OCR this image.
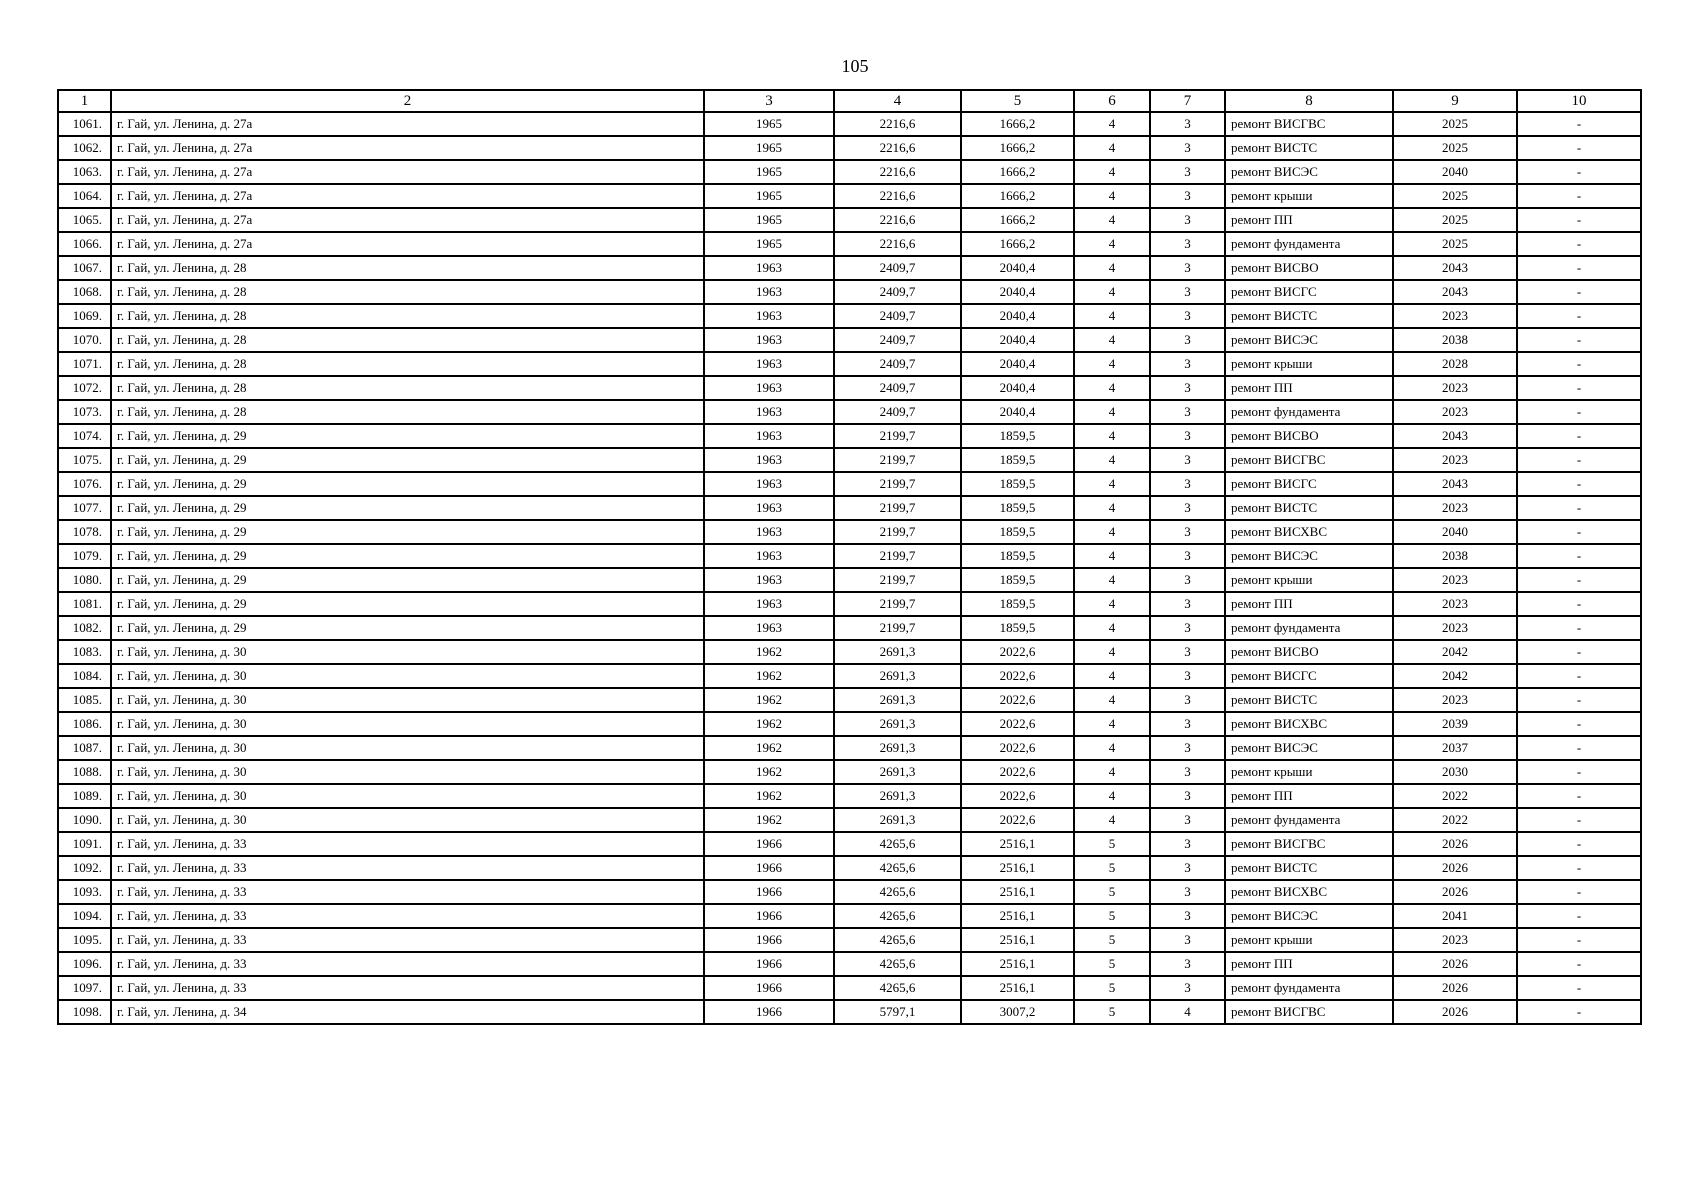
105
1	2	3	4	5	6	7	8	9	10
1061.	г. Гай, ул. Ленина, д. 27а	1965	2216,6	1666,2	4	3	ремонт ВИСГВС	2025	-
1062.	г. Гай, ул. Ленина, д. 27а	1965	2216,6	1666,2	4	3	ремонт ВИСТС	2025	-
1063.	г. Гай, ул. Ленина, д. 27а	1965	2216,6	1666,2	4	3	ремонт ВИСЭС	2040	-
1064.	г. Гай, ул. Ленина, д. 27а	1965	2216,6	1666,2	4	3	ремонт крыши	2025	-
1065.	г. Гай, ул. Ленина, д. 27а	1965	2216,6	1666,2	4	3	ремонт ПП	2025	-
1066.	г. Гай, ул. Ленина, д. 27а	1965	2216,6	1666,2	4	3	ремонт фундамента	2025	-
1067.	г. Гай, ул. Ленина, д. 28	1963	2409,7	2040,4	4	3	ремонт ВИСВО	2043	-
1068.	г. Гай, ул. Ленина, д. 28	1963	2409,7	2040,4	4	3	ремонт ВИСГС	2043	-
1069.	г. Гай, ул. Ленина, д. 28	1963	2409,7	2040,4	4	3	ремонт ВИСТС	2023	-
1070.	г. Гай, ул. Ленина, д. 28	1963	2409,7	2040,4	4	3	ремонт ВИСЭС	2038	-
1071.	г. Гай, ул. Ленина, д. 28	1963	2409,7	2040,4	4	3	ремонт крыши	2028	-
1072.	г. Гай, ул. Ленина, д. 28	1963	2409,7	2040,4	4	3	ремонт ПП	2023	-
1073.	г. Гай, ул. Ленина, д. 28	1963	2409,7	2040,4	4	3	ремонт фундамента	2023	-
1074.	г. Гай, ул. Ленина, д. 29	1963	2199,7	1859,5	4	3	ремонт ВИСВО	2043	-
1075.	г. Гай, ул. Ленина, д. 29	1963	2199,7	1859,5	4	3	ремонт ВИСГВС	2023	-
1076.	г. Гай, ул. Ленина, д. 29	1963	2199,7	1859,5	4	3	ремонт ВИСГС	2043	-
1077.	г. Гай, ул. Ленина, д. 29	1963	2199,7	1859,5	4	3	ремонт ВИСТС	2023	-
1078.	г. Гай, ул. Ленина, д. 29	1963	2199,7	1859,5	4	3	ремонт ВИСХВС	2040	-
1079.	г. Гай, ул. Ленина, д. 29	1963	2199,7	1859,5	4	3	ремонт ВИСЭС	2038	-
1080.	г. Гай, ул. Ленина, д. 29	1963	2199,7	1859,5	4	3	ремонт крыши	2023	-
1081.	г. Гай, ул. Ленина, д. 29	1963	2199,7	1859,5	4	3	ремонт ПП	2023	-
1082.	г. Гай, ул. Ленина, д. 29	1963	2199,7	1859,5	4	3	ремонт фундамента	2023	-
1083.	г. Гай, ул. Ленина, д. 30	1962	2691,3	2022,6	4	3	ремонт ВИСВО	2042	-
1084.	г. Гай, ул. Ленина, д. 30	1962	2691,3	2022,6	4	3	ремонт ВИСГС	2042	-
1085.	г. Гай, ул. Ленина, д. 30	1962	2691,3	2022,6	4	3	ремонт ВИСТС	2023	-
1086.	г. Гай, ул. Ленина, д. 30	1962	2691,3	2022,6	4	3	ремонт ВИСХВС	2039	-
1087.	г. Гай, ул. Ленина, д. 30	1962	2691,3	2022,6	4	3	ремонт ВИСЭС	2037	-
1088.	г. Гай, ул. Ленина, д. 30	1962	2691,3	2022,6	4	3	ремонт крыши	2030	-
1089.	г. Гай, ул. Ленина, д. 30	1962	2691,3	2022,6	4	3	ремонт ПП	2022	-
1090.	г. Гай, ул. Ленина, д. 30	1962	2691,3	2022,6	4	3	ремонт фундамента	2022	-
1091.	г. Гай, ул. Ленина, д. 33	1966	4265,6	2516,1	5	3	ремонт ВИСГВС	2026	-
1092.	г. Гай, ул. Ленина, д. 33	1966	4265,6	2516,1	5	3	ремонт ВИСТС	2026	-
1093.	г. Гай, ул. Ленина, д. 33	1966	4265,6	2516,1	5	3	ремонт ВИСХВС	2026	-
1094.	г. Гай, ул. Ленина, д. 33	1966	4265,6	2516,1	5	3	ремонт ВИСЭС	2041	-
1095.	г. Гай, ул. Ленина, д. 33	1966	4265,6	2516,1	5	3	ремонт крыши	2023	-
1096.	г. Гай, ул. Ленина, д. 33	1966	4265,6	2516,1	5	3	ремонт ПП	2026	-
1097.	г. Гай, ул. Ленина, д. 33	1966	4265,6	2516,1	5	3	ремонт фундамента	2026	-
1098.	г. Гай, ул. Ленина, д. 34	1966	5797,1	3007,2	5	4	ремонт ВИСГВС	2026	-
